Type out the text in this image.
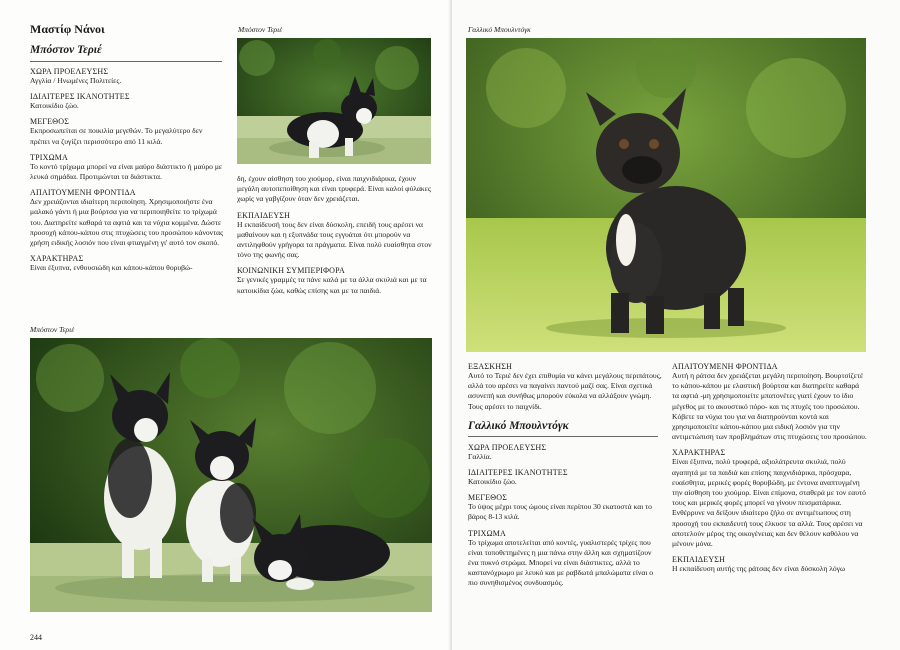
Μαστίφ Νάνοι
Μπόστον Τεριέ
ΧΩΡΑ ΠΡΟΕΛΕΥΣΗΣ
Αγγλία / Ηνωμένες Πολιτείες.
ΙΔΙΑΙΤΕΡΕΣ ΙΚΑΝΟΤΗΤΕΣ
Κατοικίδιο ζώο.
ΜΕΓΕΘΟΣ
Εκπροσωπείται σε ποικιλία μεγεθών. Το μεγαλύτερο δεν πρέπει να ζυγίζει περισσότερο από 11 κιλά.
ΤΡΙΧΩΜΑ
Το κοντό τρίχωμα μπορεί να είναι μαύρο διάστικτο ή μαύρο με λευκά σημάδια. Προτιμώνται τα διάστικτα.
ΑΠΑΙΤΟΥΜΕΝΗ ΦΡΟΝΤΙΔΑ
Δεν χρειάζονται ιδιαίτερη περιποίηση. Χρησιμοποιήστε ένα μαλακό γάντι ή μια βούρτσα για να περιποιηθείτε το τρίχωμά του. Διατηρείτε καθαρά τα αφτιά και τα νύχια κομμένα. Δώστε προσοχή κάπου-κάπου στις πτυχώσεις του προσώπου κάνοντας χρήση ειδικής λοσιόν που είναι φτιαγμένη γι' αυτό τον σκοπό.
ΧΑΡΑΚΤΗΡΑΣ
Είναι έξυπνα, ενθουσιώδη και κάπου-κάπου θορυβώ-
Μπόστον Τεριέ
δη, έχουν αίσθηση του χιούμορ, είναι παιχνιδιάρικα, έχουν μεγάλη αυτοπεποίθηση και είναι τρυφερά. Είναι καλοί φύλακες χωρίς να γαβγίζουν όταν δεν χρειάζεται.
ΕΚΠΑΙΔΕΥΣΗ
Η εκπαίδευσή τους δεν είναι δύσκολη, επειδή τους αρέσει να μαθαίνουν και η εξυπνάδα τους εγγυάται ότι μπορούν να αντιληφθούν γρήγορα τα πράγματα. Είναι πολύ ευαίσθητα στον τόνο της φωνής σας.
ΚΟΙΝΩΝΙΚΗ ΣΥΜΠΕΡΙΦΟΡΑ
Σε γενικές γραμμές τα πάνε καλά με τα άλλα σκυλιά και με τα κατοικίδια ζώα, καθώς επίσης και με τα παιδιά.
Μπόστον Τεριέ
244
Γαλλικό Μπουλντόγκ
ΕΞΑΣΚΗΣΗ
Αυτό το Τεριέ δεν έχει επιθυμία να κάνει μεγάλους περιπάτους, αλλά του αρέσει να παγαίνει παντού μαζί σας. Είναι σχετικά ασυνεπή και συνήθως μπορούν εύκολα να αλλάξουν γνώμη. Τους αρέσει το παιχνίδι.
Γαλλικό Μπουλντόγκ
ΧΩΡΑ ΠΡΟΕΛΕΥΣΗΣ
Γαλλία.
ΙΔΙΑΙΤΕΡΕΣ ΙΚΑΝΟΤΗΤΕΣ
Κατοικίδιο ζώο.
ΜΕΓΕΘΟΣ
Το ύψος μέχρι τους ώμους είναι περίπου 30 εκατοστά και το βάρος 8-13 κιλά.
ΤΡΙΧΩΜΑ
Το τρίχωμα αποτελείται από κοντές, γυαλιστερές τρίχες που είναι τοποθετημένες η μια πάνω στην άλλη και σχηματίζουν ένα πυκνό στρώμα. Μπορεί να είναι διάστικτες, αλλά το καστανόχρωμο με λευκό και με ραβδωτά μπαλώματα είναι ο πιο συνηθισμένος συνδυασμός.
ΑΠΑΙΤΟΥΜΕΝΗ ΦΡΟΝΤΙΔΑ
Αυτή η ράτσα δεν χρειάζεται μεγάλη περιποίηση. Βουρτσίζετέ το κάπου-κάπου με ελαστική βούρτσα και διατηρείτε καθαρά τα αφτιά -μη χρησιμοποιείτε μπατονέτες γιατί έχουν το ίδιο μέγεθος με το ακουστικό πόρο- και τις πτυχές του προσώπου.
Κόβετε τα νύχια του για να διατηρούνται κοντά και χρησιμοποιείτε κάπου-κάπου μια ειδική λοσιόν για την αντιμετώπιση των προβλημάτων στις πτυχώσεις του προσώπου.
ΧΑΡΑΚΤΗΡΑΣ
Είναι έξυπνα, πολύ τρυφερά, αξιολάτρευτα σκυλιά, πολύ αγαπητά με τα παιδιά και επίσης παιχνιδιάρικα, πρόσχαρα, ευαίσθητα, μερικές φορές θορυβώδη, με έντονα αναπτυγμένη την αίσθηση του χιούμορ. Είναι επίμονα, σταθερά με τον εαυτό τους και μερικές φορές μπορεί να γίνουν πεισματάρικα. Ενθέρρυνε να δείξουν ιδιαίτερο ζήλο σε αντιμέτωπους στη προσοχή του εκπαιδευτή τους έλκυσε τα αλλά. Τους αρέσει να αποτελούν μέρος της οικογένειας και δεν θέλουν καθόλου να μένουν μόνα.
ΕΚΠΑΙΔΕΥΣΗ
Η εκπαίδευση αυτής της ράτσας δεν είναι δύσκολη λόγω
